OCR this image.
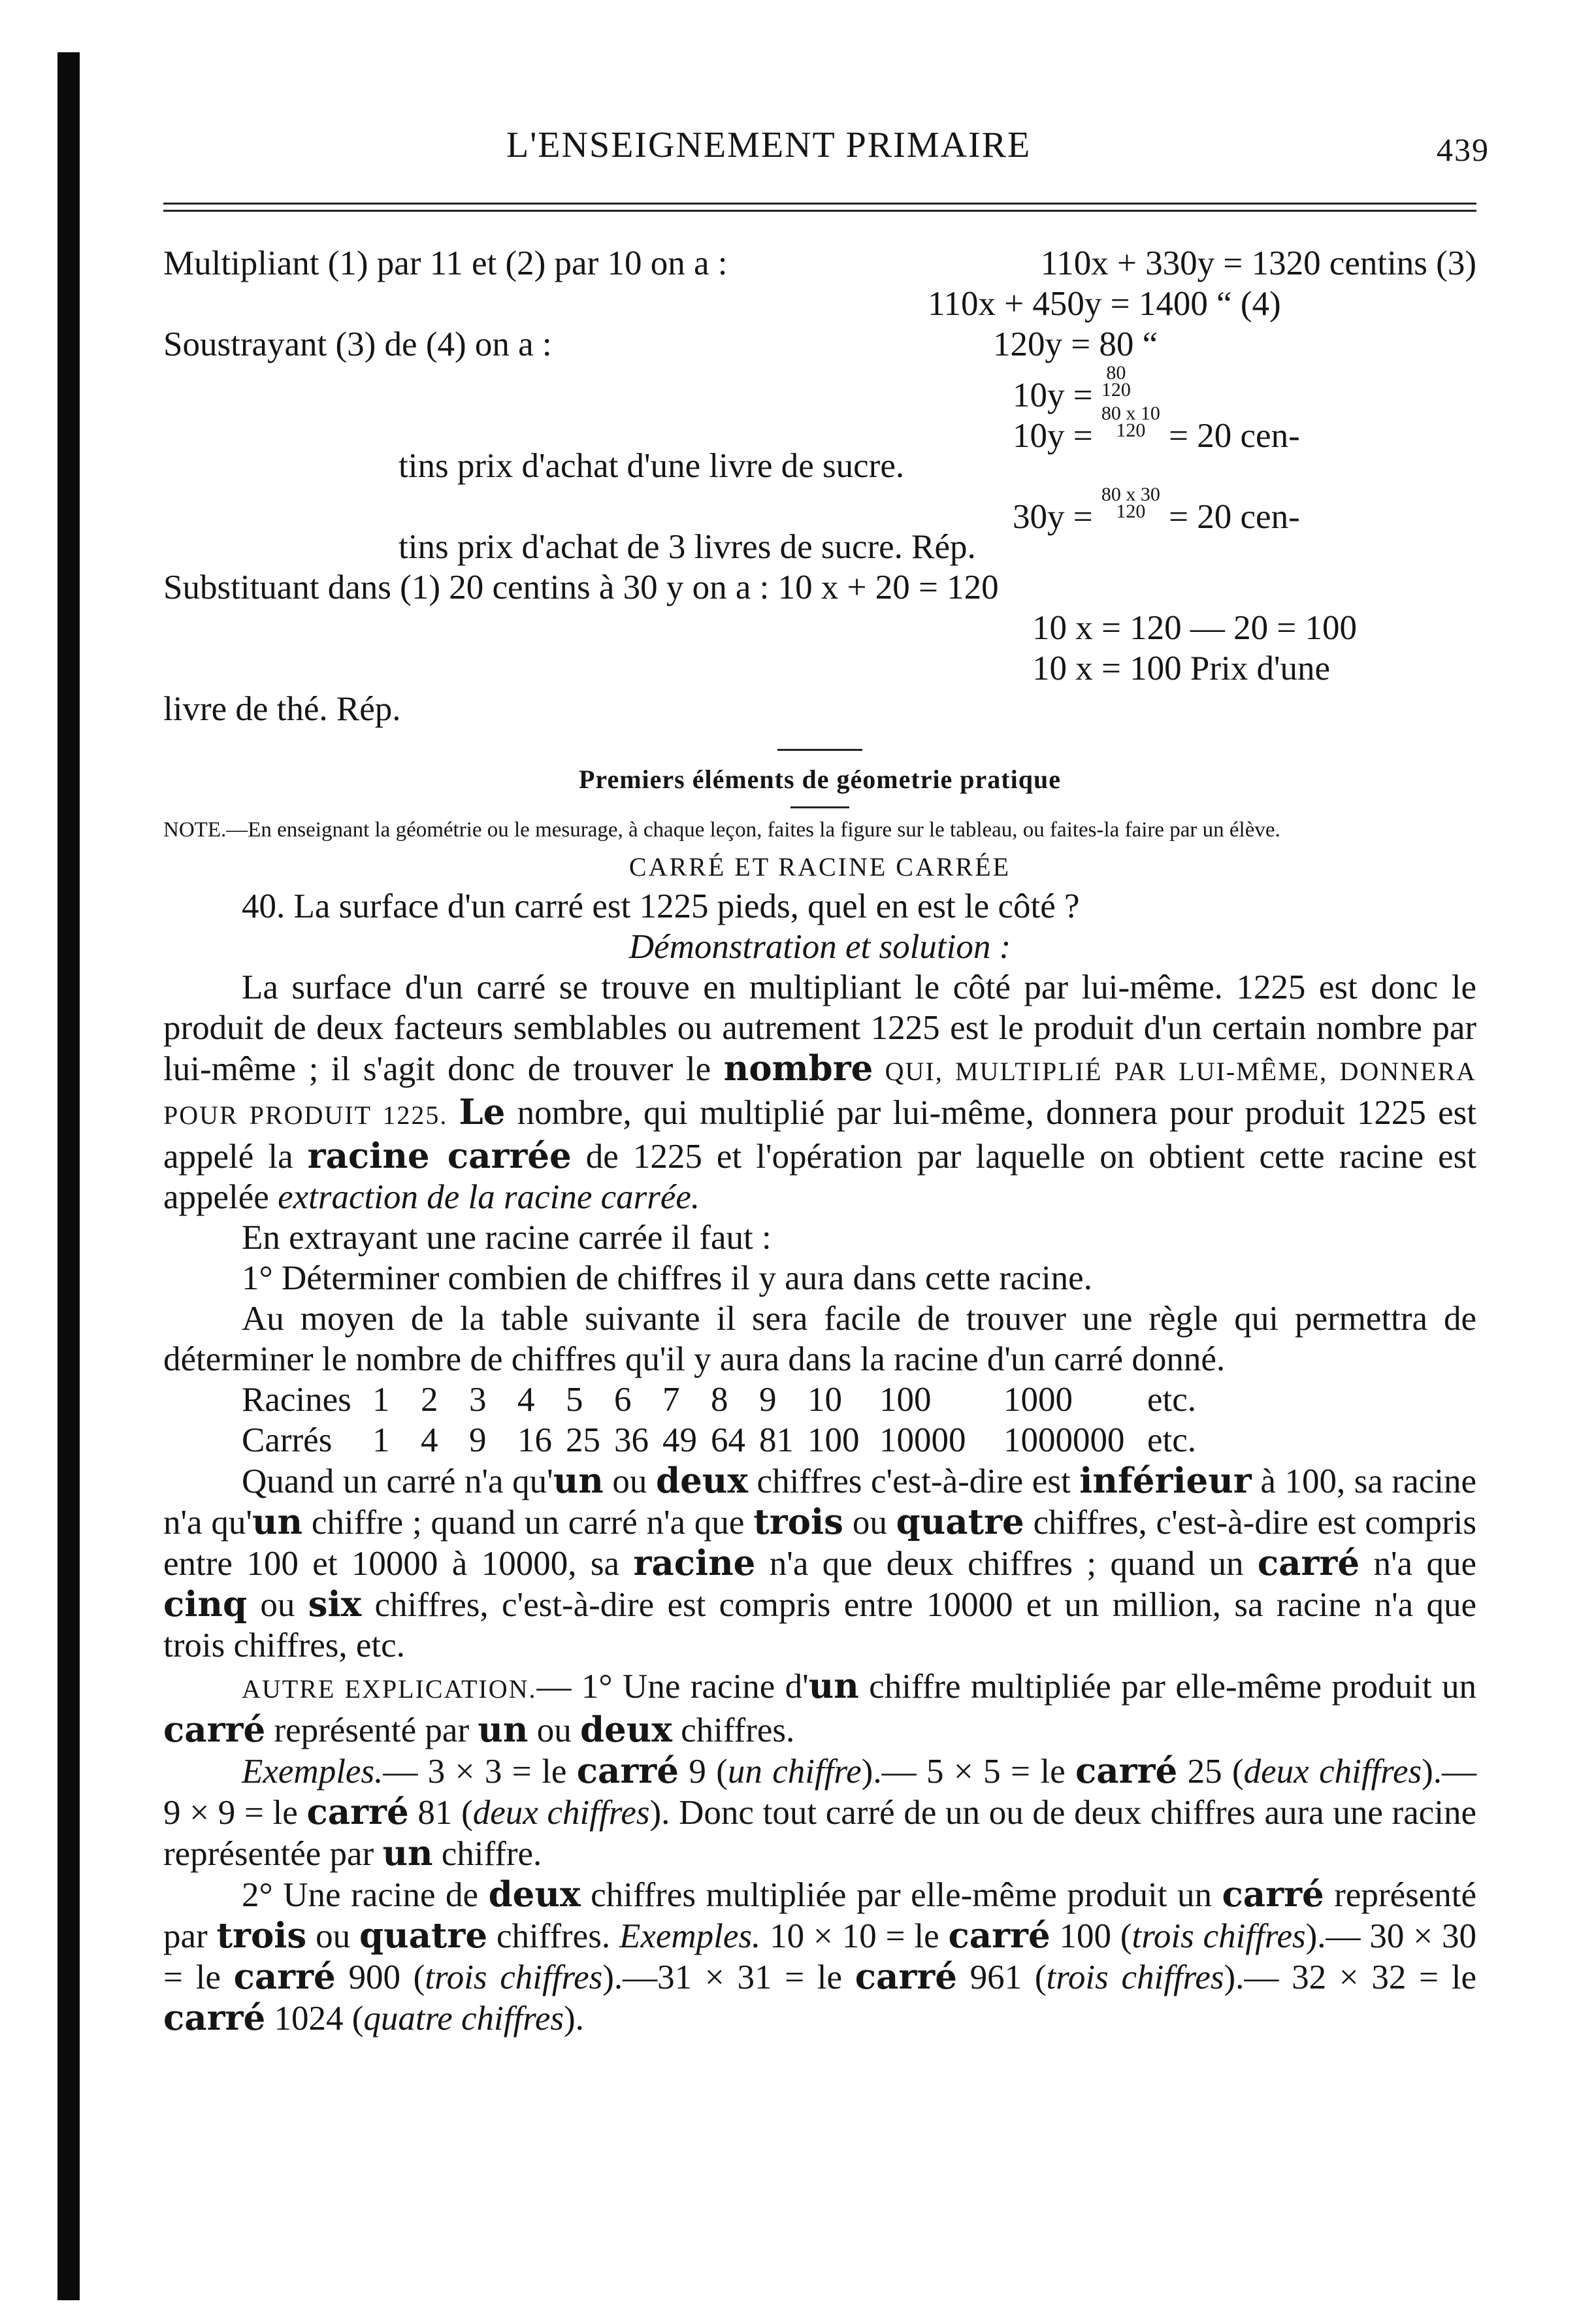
L'ENSEIGNEMENT PRIMAIRE	439
Multipliant (1) par 11 et (2) par 10 on a :	110x + 330y = 1320 centins (3)
110x + 450y = 1400 “ (4)
Soustrayant (3) de (4) on a :	120y = 80 “
10y =
80
120
10y =
80 x 10
120 = 20 cen-
tins prix d'achat d'une livre de sucre.
30y =
80 x 30
120 = 20 cen-
tins prix d'achat de 3 livres de sucre. Rép.
Substituant dans (1) 20 centins à 30 y on a : 10 x + 20 = 120
10 x = 120 — 20 = 100
10 x = 100 Prix d'une
livre de thé. Rép.
Premiers éléments de géometrie pratique
NOTE.—En enseignant la géométrie ou le mesurage, à chaque leçon, faites la figure sur le tableau, ou faites-la faire par un élève.
CARRÉ ET RACINE CARRÉE
40. La surface d'un carré est 1225 pieds, quel en est le côté ?
Démonstration et solution :
La surface d'un carré se trouve en multipliant le côté par lui-même. 1225 est donc le produit de deux facteurs semblables ou autrement 1225 est le produit d'un certain nombre par lui-même ; il s'agit donc de trouver le nombre QUI, MULTIPLIÉ PAR LUI-MÊME, DONNERA POUR PRODUIT 1225. Le nombre, qui multiplié par lui-même, donnera pour produit 1225 est appelé la racine carrée de 1225 et l'opération par laquelle on obtient cette racine est appelée extraction de la racine carrée.
En extrayant une racine carrée il faut :
1° Déterminer combien de chiffres il y aura dans cette racine.
Au moyen de la table suivante il sera facile de trouver une règle qui permettra de déterminer le nombre de chiffres qu'il y aura dans la racine d'un carré donné.
Racines 1 2 3 4 5 6 7 8 9 10	100	1000	etc.
Carrés	1 4 9 16 25 36 49 64 81 100 10000	1000000 etc.
Quand un carré n'a qu'un ou deux chiffres c'est-à-dire est inférieur à 100, sa racine n'a qu'un chiffre ; quand un carré n'a que trois ou quatre chiffres, c'est-à-dire est compris entre 100 et 10000 à 10000, sa racine n'a que deux chiffres ; quand un carré n'a que cinq ou six chiffres, c'est-à-dire est compris entre 10000 et un million, sa racine n'a que trois chiffres, etc.
AUTRE EXPLICATION.— 1° Une racine d'un chiffre multipliée par elle-même produit un carré représenté par un ou deux chiffres.
Exemples.— 3 × 3 = le carré 9 (un chiffre).— 5 × 5 = le carré 25 (deux chiffres).— 9 × 9 = le carré 81 (deux chiffres). Donc tout carré de un ou de deux chiffres aura une racine représentée par un chiffre.
2° Une racine de deux chiffres multipliée par elle-même produit un carré représenté par trois ou quatre chiffres. Exemples. 10 × 10 = le carré 100 (trois chiffres).— 30 × 30 = le carré 900 (trois chiffres).—31 × 31 = le carré 961 (trois chiffres).— 32 × 32 = le carré 1024 (quatre chiffres).
